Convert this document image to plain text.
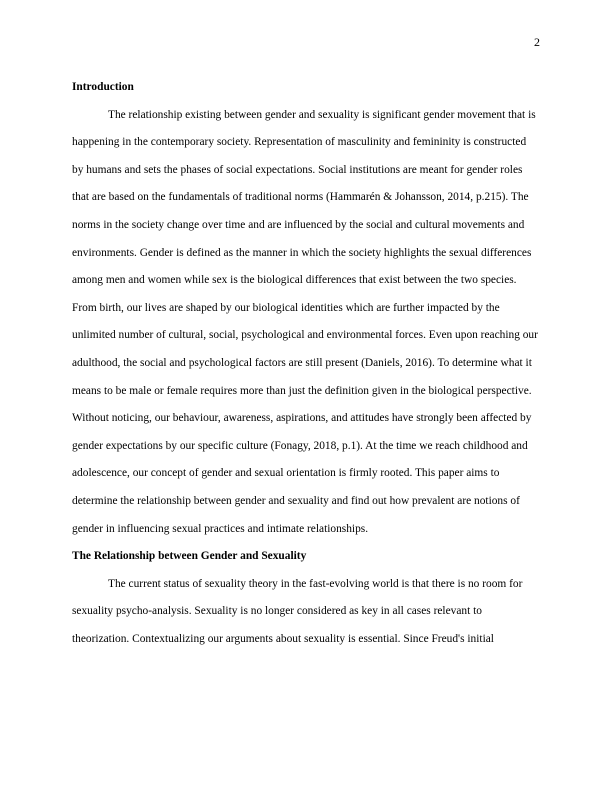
2

Introduction

The relationship existing between gender and sexuality is significant gender movement that is happening in the contemporary society. Representation of masculinity and femininity is constructed by humans and sets the phases of social expectations. Social institutions are meant for gender roles that are based on the fundamentals of traditional norms (Hammarén & Johansson, 2014, p.215). The norms in the society change over time and are influenced by the social and cultural movements and environments. Gender is defined as the manner in which the society highlights the sexual differences among men and women while sex is the biological differences that exist between the two species. From birth, our lives are shaped by our biological identities which are further impacted by the unlimited number of cultural, social, psychological and environmental forces. Even upon reaching our adulthood, the social and psychological factors are still present (Daniels, 2016). To determine what it means to be male or female requires more than just the definition given in the biological perspective. Without noticing, our behaviour, awareness, aspirations, and attitudes have strongly been affected by gender expectations by our specific culture (Fonagy, 2018, p.1). At the time we reach childhood and adolescence, our concept of gender and sexual orientation is firmly rooted. This paper aims to determine the relationship between gender and sexuality and find out how prevalent are notions of gender in influencing sexual practices and intimate relationships.

The Relationship between Gender and Sexuality

The current status of sexuality theory in the fast-evolving world is that there is no room for sexuality psycho-analysis. Sexuality is no longer considered as key in all cases relevant to theorization. Contextualizing our arguments about sexuality is essential. Since Freud's initial
